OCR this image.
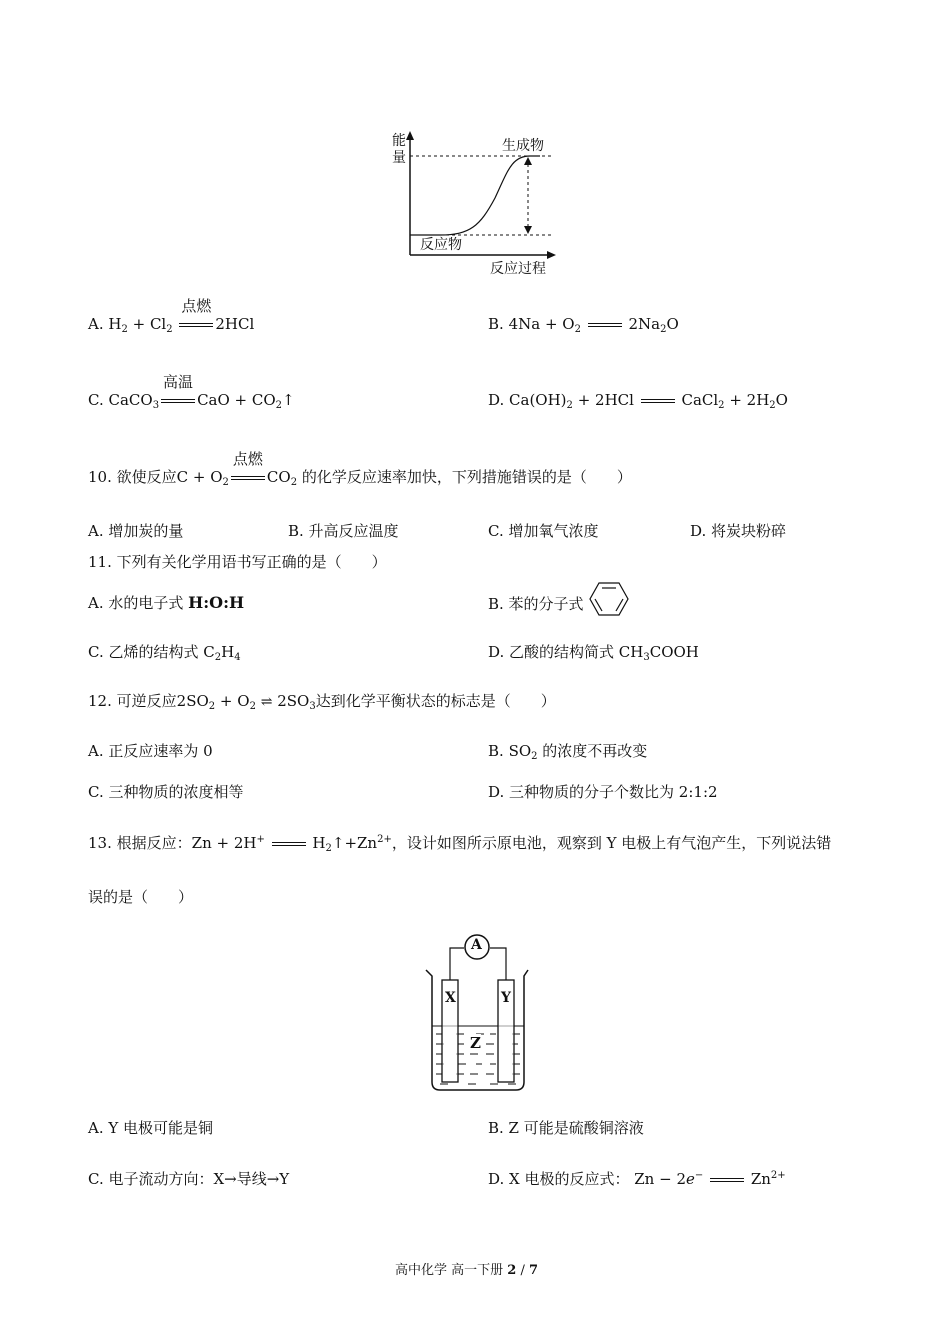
能
量
生成物
反应物
反应过程
A. $H_2 + Cl_2$
点燃
2HCl	B. $4Na + O_2$	$2Na_2O$
C. CaCO$_3$
高温
CaO + $CO_2↑$	D. $Ca(OH)_2 + 2HCl$	CaCl$_2$ + $2H_2O$
10. 欲使反应$C + O_2$
点燃
$CO_2$ 的化学反应速率加快，下列措施错误的是（　　）
A. 增加炭的量	B. 升高反应温度	C. 增加氧气浓度	D. 将炭块粉碎
11. 下列有关化学用语书写正确的是（　　）
A. 水的电子式 H:O:H	B. 苯的分子式
C. 乙烯的结构式 $C_2H_4$	D. 乙酸的结构简式 $CH_3COOH$
12. 可逆反应$2SO_2 + O_2$ ⇌ $2SO_3$达到化学平衡状态的标志是（　　）
A. 正反应速率为 0	B. $SO_2$ 的浓度不再改变
C. 三种物质的浓度相等	D. 三种物质的分子个数比为 2:1:2
13. 根据反应：Zn + 2H+	$H_2↑+Zn^{2+}$，设计如图所示原电池，观察到 Y 电极上有气泡产生，下列说法错
误的是（　　）
A
X	Y
Z
A. Y 电极可能是铜	B. Z 可能是硫酸铜溶液
C. 电子流动方向：X→导线→Y	D. X 电极的反应式： Zn − 2e−	$Zn^{2+}$
高中化学 高一下册 2 / 7
